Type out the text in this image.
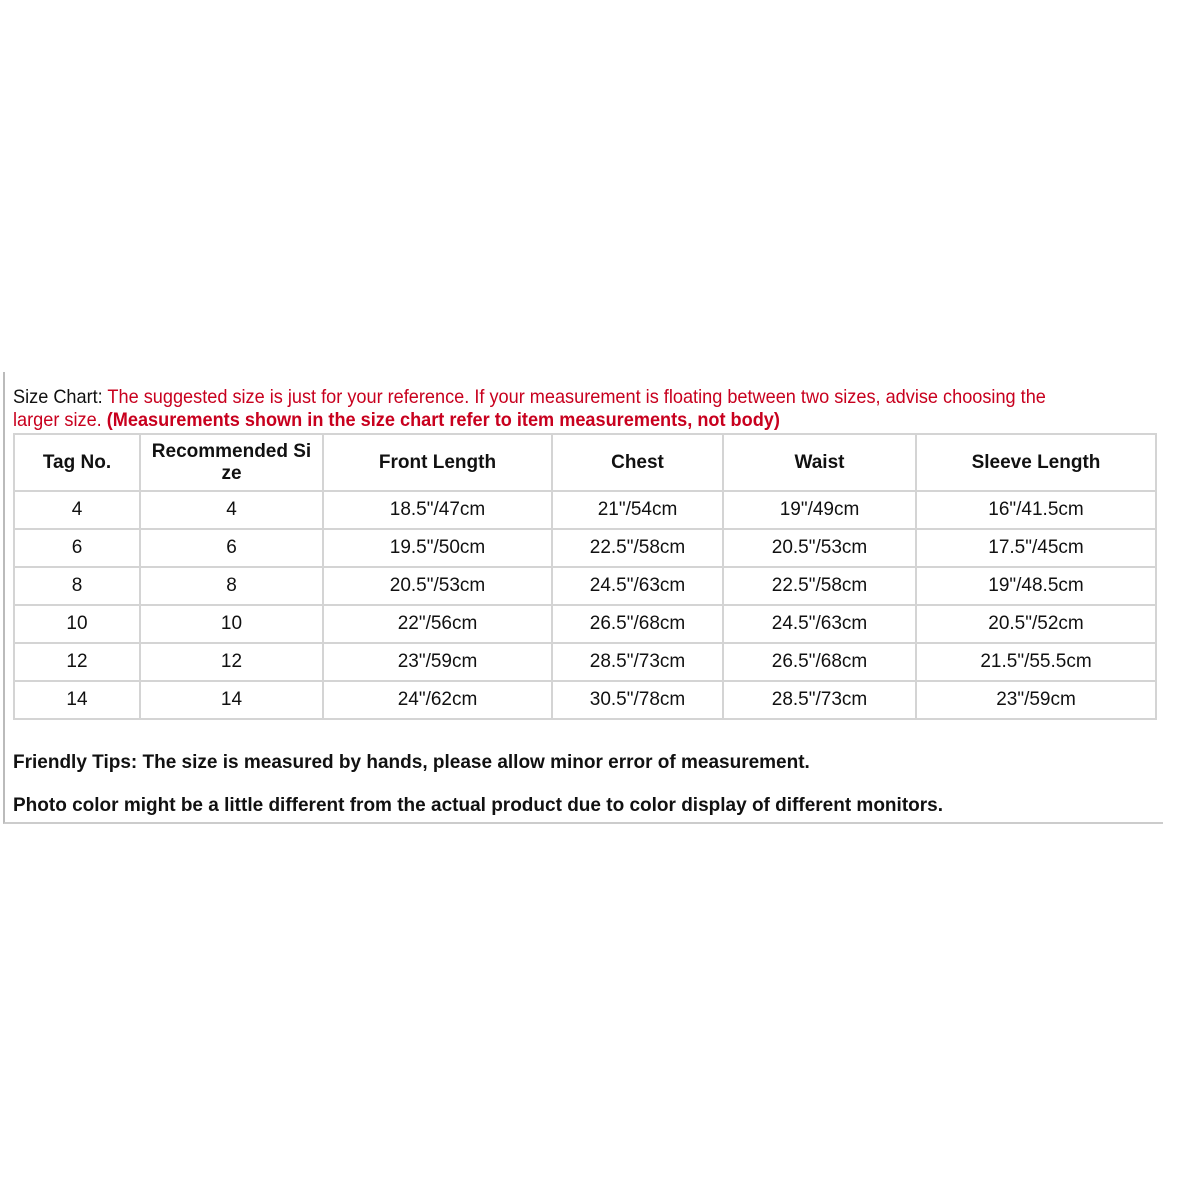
Size Chart: The suggested size is just for your reference. If your measurement is floating between two sizes, advise choosing the
larger size. (Measurements shown in the size chart refer to item measurements, not body)
Tag No.	Recommended Si ze	Front Length	Chest	Waist	Sleeve Length
4	4	18.5"/47cm	21"/54cm	19"/49cm	16"/41.5cm
6	6	19.5"/50cm	22.5"/58cm	20.5"/53cm	17.5"/45cm
8	8	20.5"/53cm	24.5"/63cm	22.5"/58cm	19"/48.5cm
10	10	22"/56cm	26.5"/68cm	24.5"/63cm	20.5"/52cm
12	12	23"/59cm	28.5"/73cm	26.5"/68cm	21.5"/55.5cm
14	14	24"/62cm	30.5"/78cm	28.5"/73cm	23"/59cm
Friendly Tips: The size is measured by hands, please allow minor error of measurement.
Photo color might be a little different from the actual product due to color display of different monitors.
